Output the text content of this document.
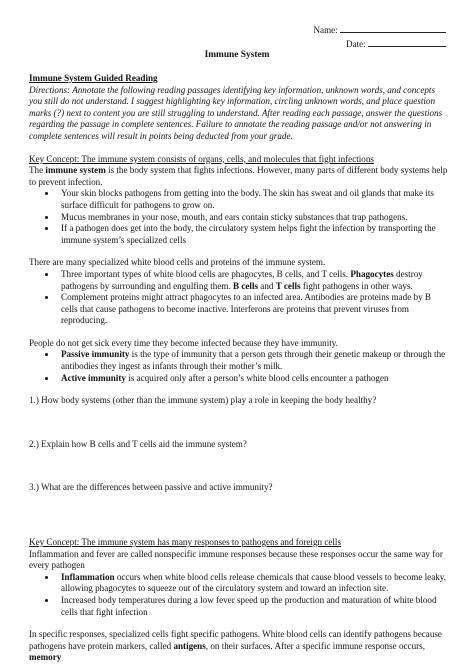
Name:
Date:
Immune System

Immune System Guided Reading

Directions: Annotate the following reading passages identifying key information, unknown words, and concepts you still do not understand. I suggest highlighting key information, circling unknown words, and place question marks (?) next to content you are still struggling to understand. After reading each passage, answer the questions regarding the passage in complete sentences. Failure to annotate the reading passage and/or not answering in complete sentences will result in points being deducted from your grade.

Key Concept: The immune system consists of organs, cells, and molecules that fight infections

The immune system is the body system that fights infections. However, many parts of different body systems help to prevent infection.

• Your skin blocks pathogens from getting into the body. The skin has sweat and oil glands that make its surface difficult for pathogens to grow on.
• Mucus membranes in your nose, mouth, and ears contain sticky substances that trap pathogens.
• If a pathogen does get into the body, the circulatory system helps fight the infection by transporting the immune system’s specialized cells

There are many specialized white blood cells and proteins of the immune system.

• Three important types of white blood cells are phagocytes, B cells, and T cells. Phagocytes destroy pathogens by surrounding and engulfing them. B cells and T cells fight pathogens in other ways.
• Complement proteins might attract phagocytes to an infected area. Antibodies are proteins made by B cells that cause pathogens to become inactive. Interferons are proteins that prevent viruses from reproducing.

People do not get sick every time they become infected because they have immunity.

• Passive immunity is the type of immunity that a person gets through their genetic makeup or through the antibodies they ingest as infants through their mother’s milk.
• Active immunity is acquired only after a person’s white blood cells encounter a pathogen

1.) How body systems (other than the immune system) play a role in keeping the body healthy?

2.) Explain how B cells and T cells aid the immune system?

3.) What are the differences between passive and active immunity?

Key Concept: The immune system has many responses to pathogens and foreign cells

Inflammation and fever are called nonspecific immune responses because these responses occur the same way for every pathogen

• Inflammation occurs when white blood cells release chemicals that cause blood vessels to become leaky, allowing phagocytes to squeeze out of the circulatory system and toward an infection site.
• Increased body temperatures during a low fever speed up the production and maturation of white blood cells that fight infection

In specific responses, specialized cells fight specific pathogens. White blood cells can identify pathogens because pathogens have protein markers, called antigens, on their surfaces. After a specific immune response occurs, memory
